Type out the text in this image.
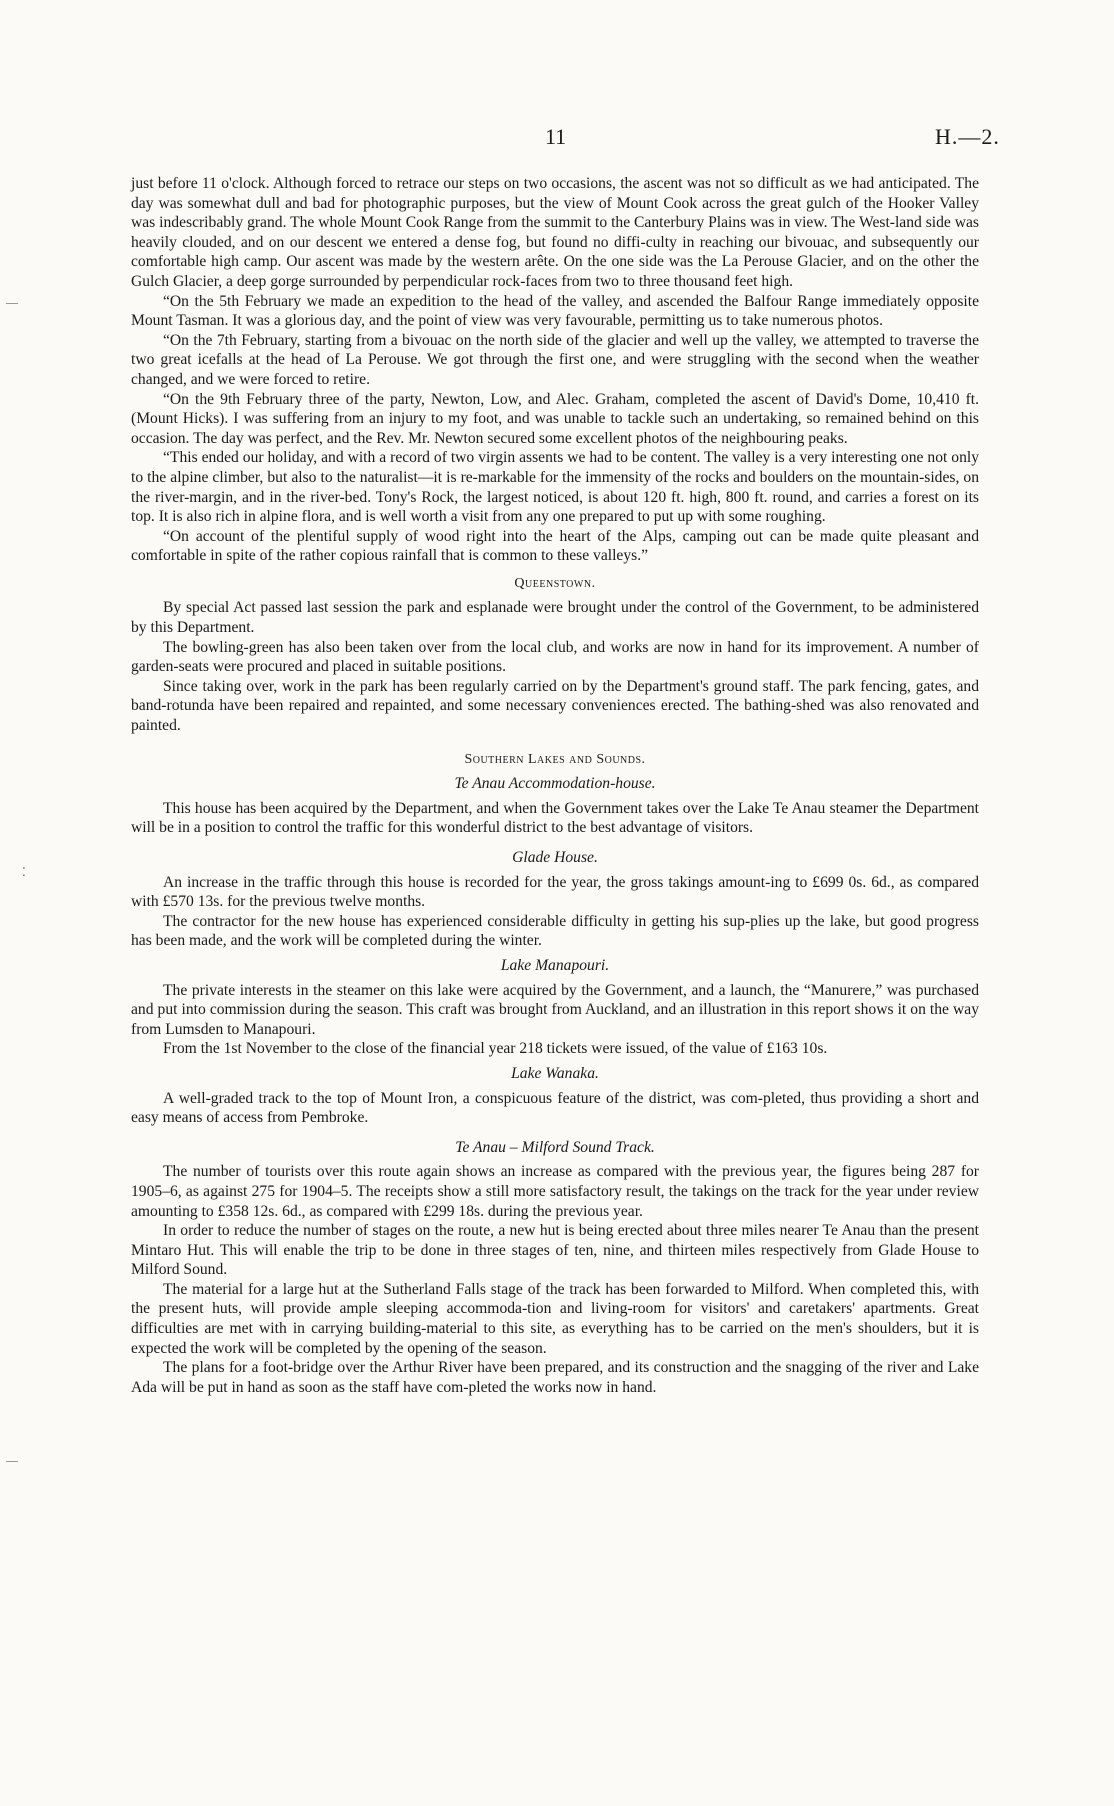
11	H.—2.
—
⁚
—

just before 11 o'clock. Although forced to retrace our steps on two occasions, the ascent was not so difficult as we had anticipated. The day was somewhat dull and bad for photographic purposes, but the view of Mount Cook across the great gulch of the Hooker Valley was indescribably grand. The whole Mount Cook Range from the summit to the Canterbury Plains was in view. The West-land side was heavily clouded, and on our descent we entered a dense fog, but found no diffi-culty in reaching our bivouac, and subsequently our comfortable high camp. Our ascent was made by the western arête. On the one side was the La Perouse Glacier, and on the other the Gulch Glacier, a deep gorge surrounded by perpendicular rock-faces from two to three thousand feet high.

“On the 5th February we made an expedition to the head of the valley, and ascended the Balfour Range immediately opposite Mount Tasman. It was a glorious day, and the point of view was very favourable, permitting us to take numerous photos.

“On the 7th February, starting from a bivouac on the north side of the glacier and well up the valley, we attempted to traverse the two great icefalls at the head of La Perouse. We got through the first one, and were struggling with the second when the weather changed, and we were forced to retire.

“On the 9th February three of the party, Newton, Low, and Alec. Graham, completed the ascent of David's Dome, 10,410 ft. (Mount Hicks). I was suffering from an injury to my foot, and was unable to tackle such an undertaking, so remained behind on this occasion. The day was perfect, and the Rev. Mr. Newton secured some excellent photos of the neighbouring peaks.

“This ended our holiday, and with a record of two virgin assents we had to be content. The valley is a very interesting one not only to the alpine climber, but also to the naturalist—it is re-markable for the immensity of the rocks and boulders on the mountain-sides, on the river-margin, and in the river-bed. Tony's Rock, the largest noticed, is about 120 ft. high, 800 ft. round, and carries a forest on its top. It is also rich in alpine flora, and is well worth a visit from any one prepared to put up with some roughing.

“On account of the plentiful supply of wood right into the heart of the Alps, camping out can be made quite pleasant and comfortable in spite of the rather copious rainfall that is common to these valleys.”

Queenstown.

By special Act passed last session the park and esplanade were brought under the control of the Government, to be administered by this Department.

The bowling-green has also been taken over from the local club, and works are now in hand for its improvement. A number of garden-seats were procured and placed in suitable positions.

Since taking over, work in the park has been regularly carried on by the Department's ground staff. The park fencing, gates, and band-rotunda have been repaired and repainted, and some necessary conveniences erected. The bathing-shed was also renovated and painted.

Southern Lakes and Sounds.
Te Anau Accommodation-house.

This house has been acquired by the Department, and when the Government takes over the Lake Te Anau steamer the Department will be in a position to control the traffic for this wonderful district to the best advantage of visitors.

Glade House.

An increase in the traffic through this house is recorded for the year, the gross takings amount-ing to £699 0s. 6d., as compared with £570 13s. for the previous twelve months.

The contractor for the new house has experienced considerable difficulty in getting his sup-plies up the lake, but good progress has been made, and the work will be completed during the winter.

Lake Manapouri.

The private interests in the steamer on this lake were acquired by the Government, and a launch, the “Manurere,” was purchased and put into commission during the season. This craft was brought from Auckland, and an illustration in this report shows it on the way from Lumsden to Manapouri.

From the 1st November to the close of the financial year 218 tickets were issued, of the value of £163 10s.

Lake Wanaka.

A well-graded track to the top of Mount Iron, a conspicuous feature of the district, was com-pleted, thus providing a short and easy means of access from Pembroke.

Te Anau – Milford Sound Track.

The number of tourists over this route again shows an increase as compared with the previous year, the figures being 287 for 1905–6, as against 275 for 1904–5. The receipts show a still more satisfactory result, the takings on the track for the year under review amounting to £358 12s. 6d., as compared with £299 18s. during the previous year.

In order to reduce the number of stages on the route, a new hut is being erected about three miles nearer Te Anau than the present Mintaro Hut. This will enable the trip to be done in three stages of ten, nine, and thirteen miles respectively from Glade House to Milford Sound.

The material for a large hut at the Sutherland Falls stage of the track has been forwarded to Milford. When completed this, with the present huts, will provide ample sleeping accommoda-tion and living-room for visitors' and caretakers' apartments. Great difficulties are met with in carrying building-material to this site, as everything has to be carried on the men's shoulders, but it is expected the work will be completed by the opening of the season.

The plans for a foot-bridge over the Arthur River have been prepared, and its construction and the snagging of the river and Lake Ada will be put in hand as soon as the staff have com-pleted the works now in hand.
